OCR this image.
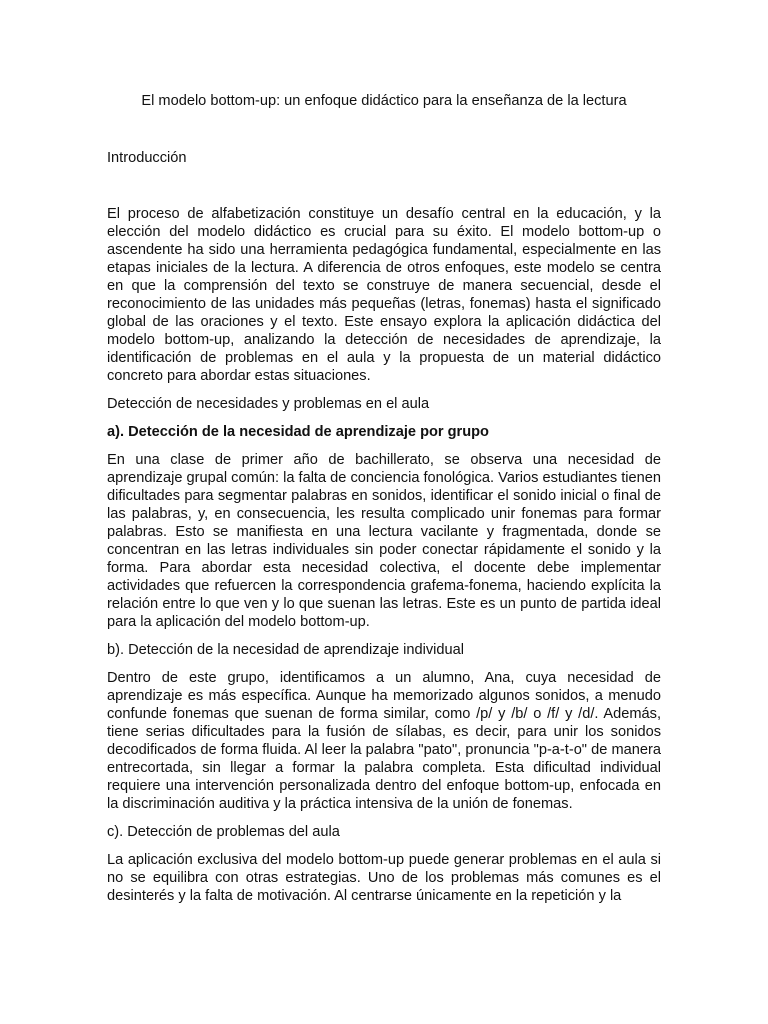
El modelo bottom-up: un enfoque didáctico para la enseñanza de la lectura
Introducción

El proceso de alfabetización constituye un desafío central en la educación, y la elección del modelo didáctico es crucial para su éxito. El modelo bottom-up o ascendente ha sido una herramienta pedagógica fundamental, especialmente en las etapas iniciales de la lectura. A diferencia de otros enfoques, este modelo se centra en que la comprensión del texto se construye de manera secuencial, desde el reconocimiento de las unidades más pequeñas (letras, fonemas) hasta el significado global de las oraciones y el texto. Este ensayo explora la aplicación didáctica del modelo bottom-up, analizando la detección de necesidades de aprendizaje, la identificación de problemas en el aula y la propuesta de un material didáctico concreto para abordar estas situaciones.

Detección de necesidades y problemas en el aula
a). Detección de la necesidad de aprendizaje por grupo

En una clase de primer año de bachillerato, se observa una necesidad de aprendizaje grupal común: la falta de conciencia fonológica. Varios estudiantes tienen dificultades para segmentar palabras en sonidos, identificar el sonido inicial o final de las palabras, y, en consecuencia, les resulta complicado unir fonemas para formar palabras. Esto se manifiesta en una lectura vacilante y fragmentada, donde se concentran en las letras individuales sin poder conectar rápidamente el sonido y la forma. Para abordar esta necesidad colectiva, el docente debe implementar actividades que refuercen la correspondencia grafema-fonema, haciendo explícita la relación entre lo que ven y lo que suenan las letras. Este es un punto de partida ideal para la aplicación del modelo bottom-up.

b). Detección de la necesidad de aprendizaje individual

Dentro de este grupo, identificamos a un alumno, Ana, cuya necesidad de aprendizaje es más específica. Aunque ha memorizado algunos sonidos, a menudo confunde fonemas que suenan de forma similar, como /p/ y /b/ o /f/ y /d/. Además, tiene serias dificultades para la fusión de sílabas, es decir, para unir los sonidos decodificados de forma fluida. Al leer la palabra "pato", pronuncia "p-a-t-o" de manera entrecortada, sin llegar a formar la palabra completa. Esta dificultad individual requiere una intervención personalizada dentro del enfoque bottom-up, enfocada en la discriminación auditiva y la práctica intensiva de la unión de fonemas.

c). Detección de problemas del aula

La aplicación exclusiva del modelo bottom-up puede generar problemas en el aula si no se equilibra con otras estrategias. Uno de los problemas más comunes es el desinterés y la falta de motivación. Al centrarse únicamente en la repetición y la
